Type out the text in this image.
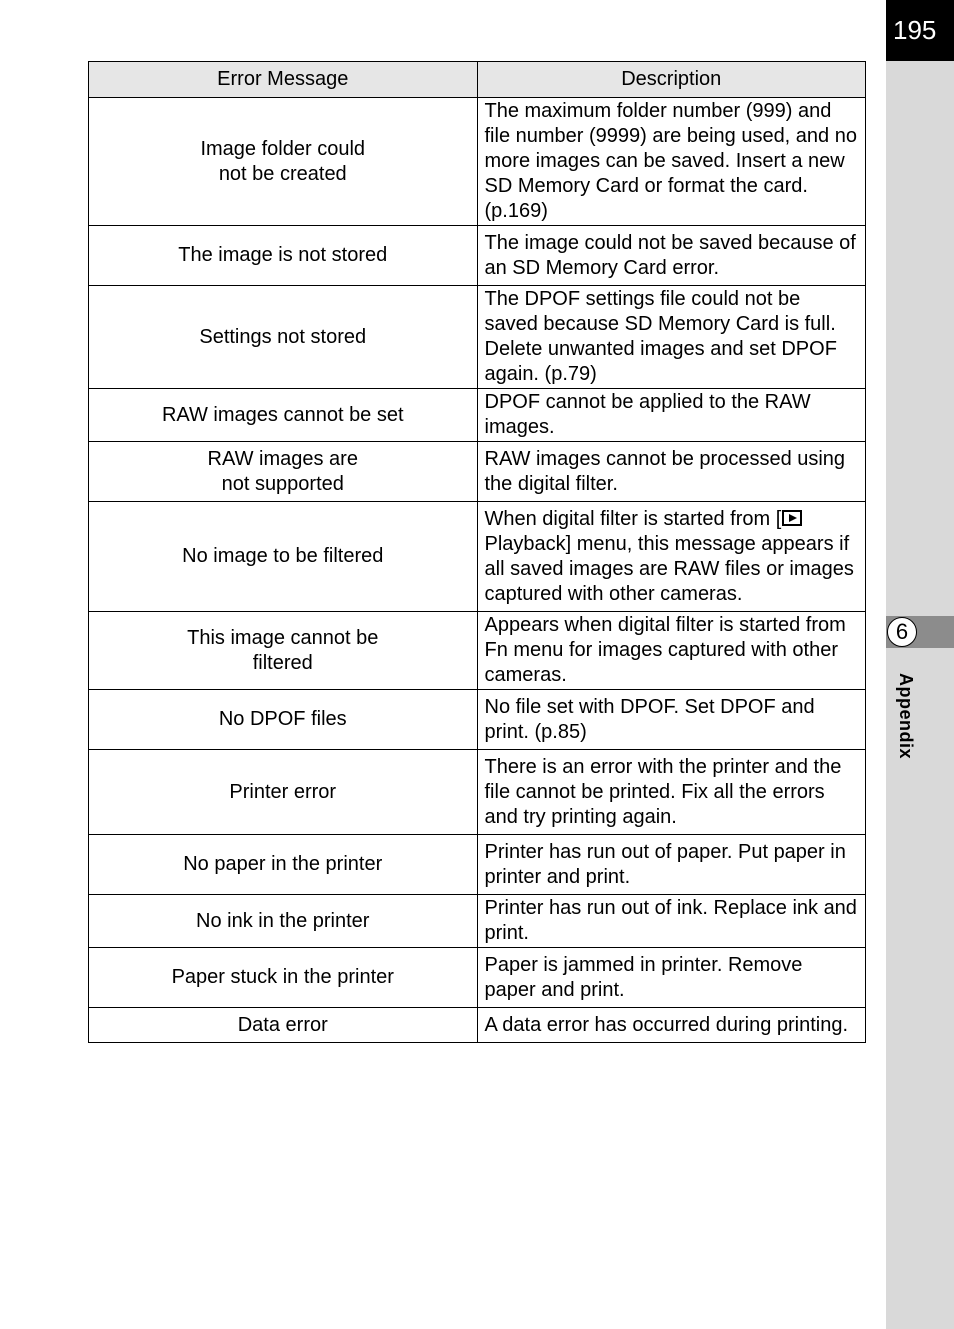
195
6
Appendix
Error Message	Description
Image folder could
not be created	The maximum folder number (999) and file number (9999) are being used, and no more images can be saved. Insert a new SD Memory Card or format the card. (p.169)
The image is not stored	The image could not be saved because of an SD Memory Card error.
Settings not stored	The DPOF settings file could not be saved because SD Memory Card is full. Delete unwanted images and set DPOF again. (p.79)
RAW images cannot be set	DPOF cannot be applied to the RAW images.
RAW images are
not supported	RAW images cannot be processed using the digital filter.
No image to be filtered	When digital filter is started from [ Playback] menu, this message appears if all saved images are RAW files or images captured with other cameras.
This image cannot be
filtered	Appears when digital filter is started from Fn menu for images captured with other cameras.
No DPOF files	No file set with DPOF. Set DPOF and print. (p.85)
Printer error	There is an error with the printer and the file cannot be printed. Fix all the errors and try printing again.
No paper in the printer	Printer has run out of paper. Put paper in printer and print.
No ink in the printer	Printer has run out of ink. Replace ink and print.
Paper stuck in the printer	Paper is jammed in printer. Remove paper and print.
Data error	A data error has occurred during printing.
